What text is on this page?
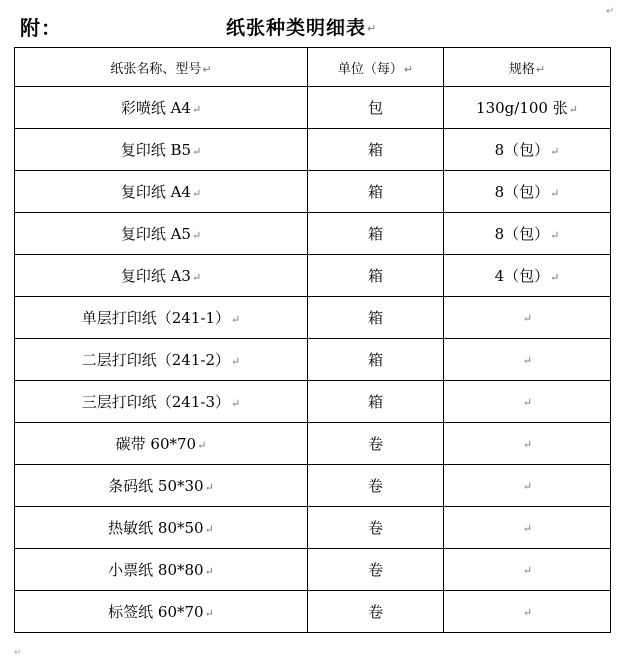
附：	纸张种类明细表↵
↵
纸张名称、型号↵	单位（每）↵	规格↵
彩喷纸 A4↵	包	130g/100 张↵
复印纸 B5↵	箱	8（包）↵
复印纸 A4↵	箱	8（包）↵
复印纸 A5↵	箱	8（包）↵
复印纸 A3↵	箱	4（包）↵
单层打印纸（241-1）↵	箱	↵
二层打印纸（241-2）↵	箱	↵
三层打印纸（241-3）↵	箱	↵
碳带 60*70↵	卷	↵
条码纸 50*30↵	卷	↵
热敏纸 80*50↵	卷	↵
小票纸 80*80↵	卷	↵
标签纸 60*70↵	卷	↵
↵
